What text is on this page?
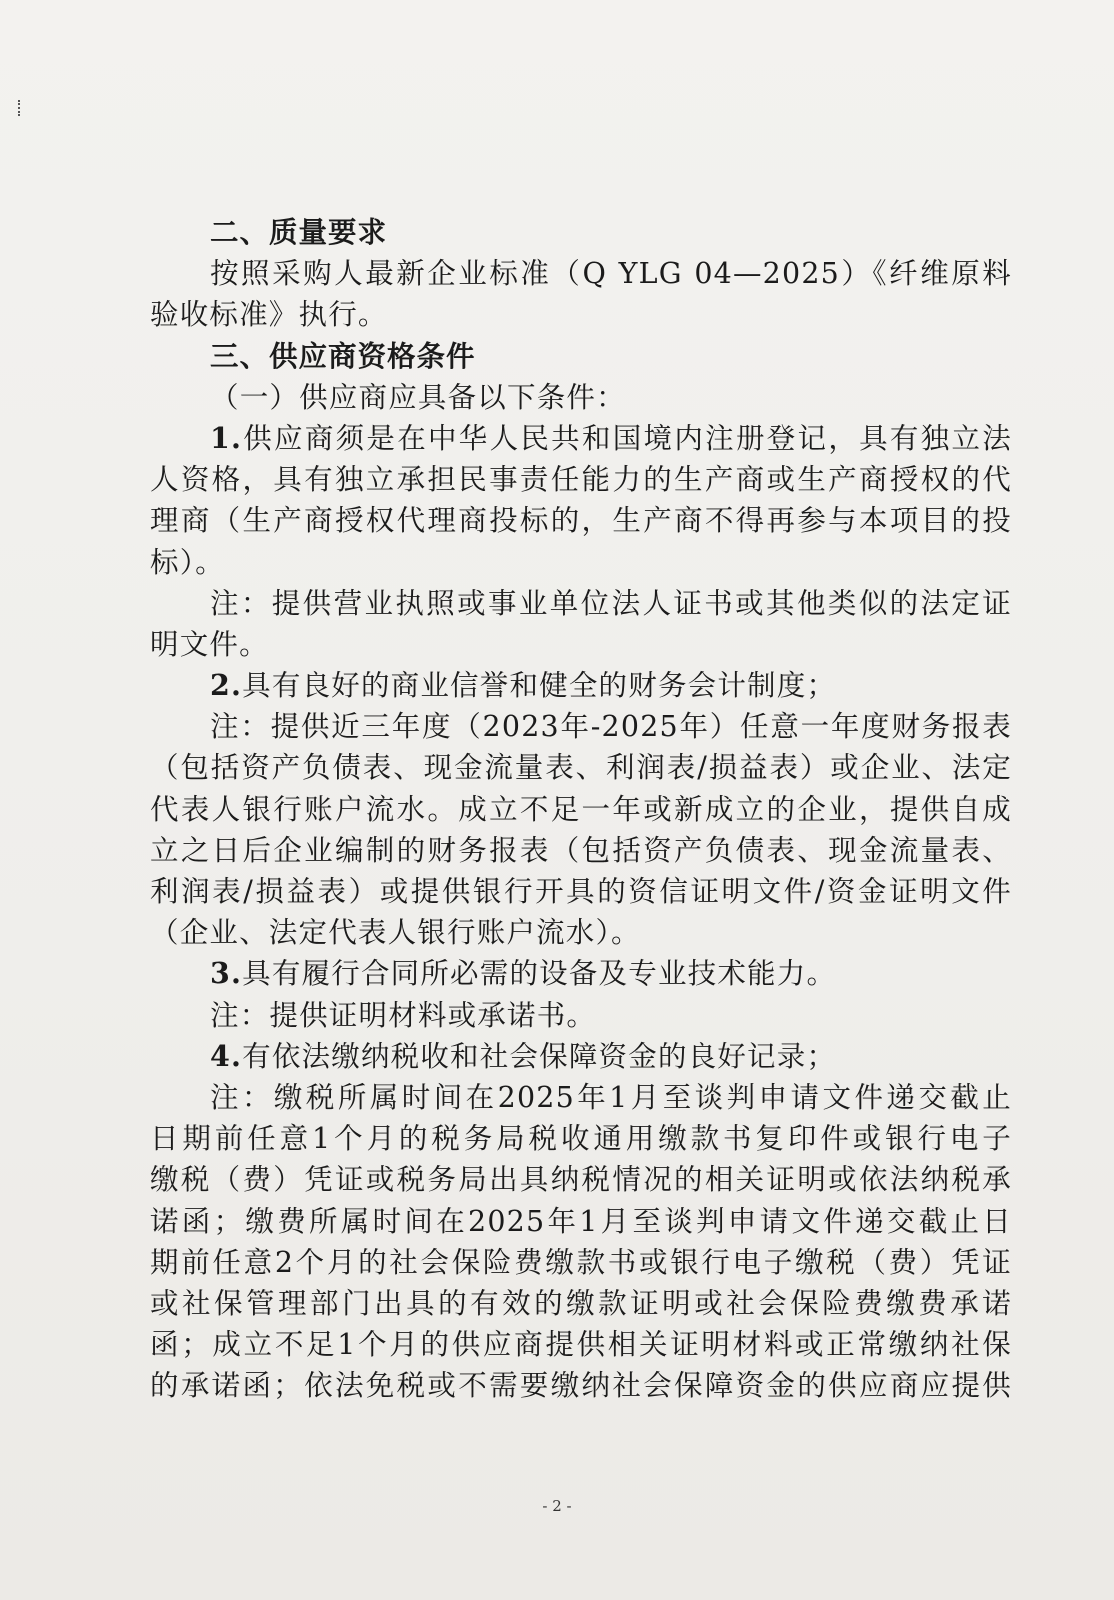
二、质量要求
按照采购人最新企业标准（Q YLG 04—2025）《纤维原料
验收标准》执行。
三、供应商资格条件
（一）供应商应具备以下条件：
1.供应商须是在中华人民共和国境内注册登记，具有独立法
人资格，具有独立承担民事责任能力的生产商或生产商授权的代
理商（生产商授权代理商投标的，生产商不得再参与本项目的投
标）。
注：提供营业执照或事业单位法人证书或其他类似的法定证
明文件。
2.具有良好的商业信誉和健全的财务会计制度；
注：提供近三年度（2023年-2025年）任意一年度财务报表
（包括资产负债表、现金流量表、利润表/损益表）或企业、法定
代表人银行账户流水。成立不足一年或新成立的企业，提供自成
立之日后企业编制的财务报表（包括资产负债表、现金流量表、
利润表/损益表）或提供银行开具的资信证明文件/资金证明文件
（企业、法定代表人银行账户流水）。
3.具有履行合同所必需的设备及专业技术能力。
注：提供证明材料或承诺书。
4.有依法缴纳税收和社会保障资金的良好记录；
注：缴税所属时间在2025年1月至谈判申请文件递交截止
日期前任意1个月的税务局税收通用缴款书复印件或银行电子
缴税（费）凭证或税务局出具纳税情况的相关证明或依法纳税承
诺函；缴费所属时间在2025年1月至谈判申请文件递交截止日
期前任意2个月的社会保险费缴款书或银行电子缴税（费）凭证
或社保管理部门出具的有效的缴款证明或社会保险费缴费承诺
函；成立不足1个月的供应商提供相关证明材料或正常缴纳社保
的承诺函；依法免税或不需要缴纳社会保障资金的供应商应提供
- 2 -
